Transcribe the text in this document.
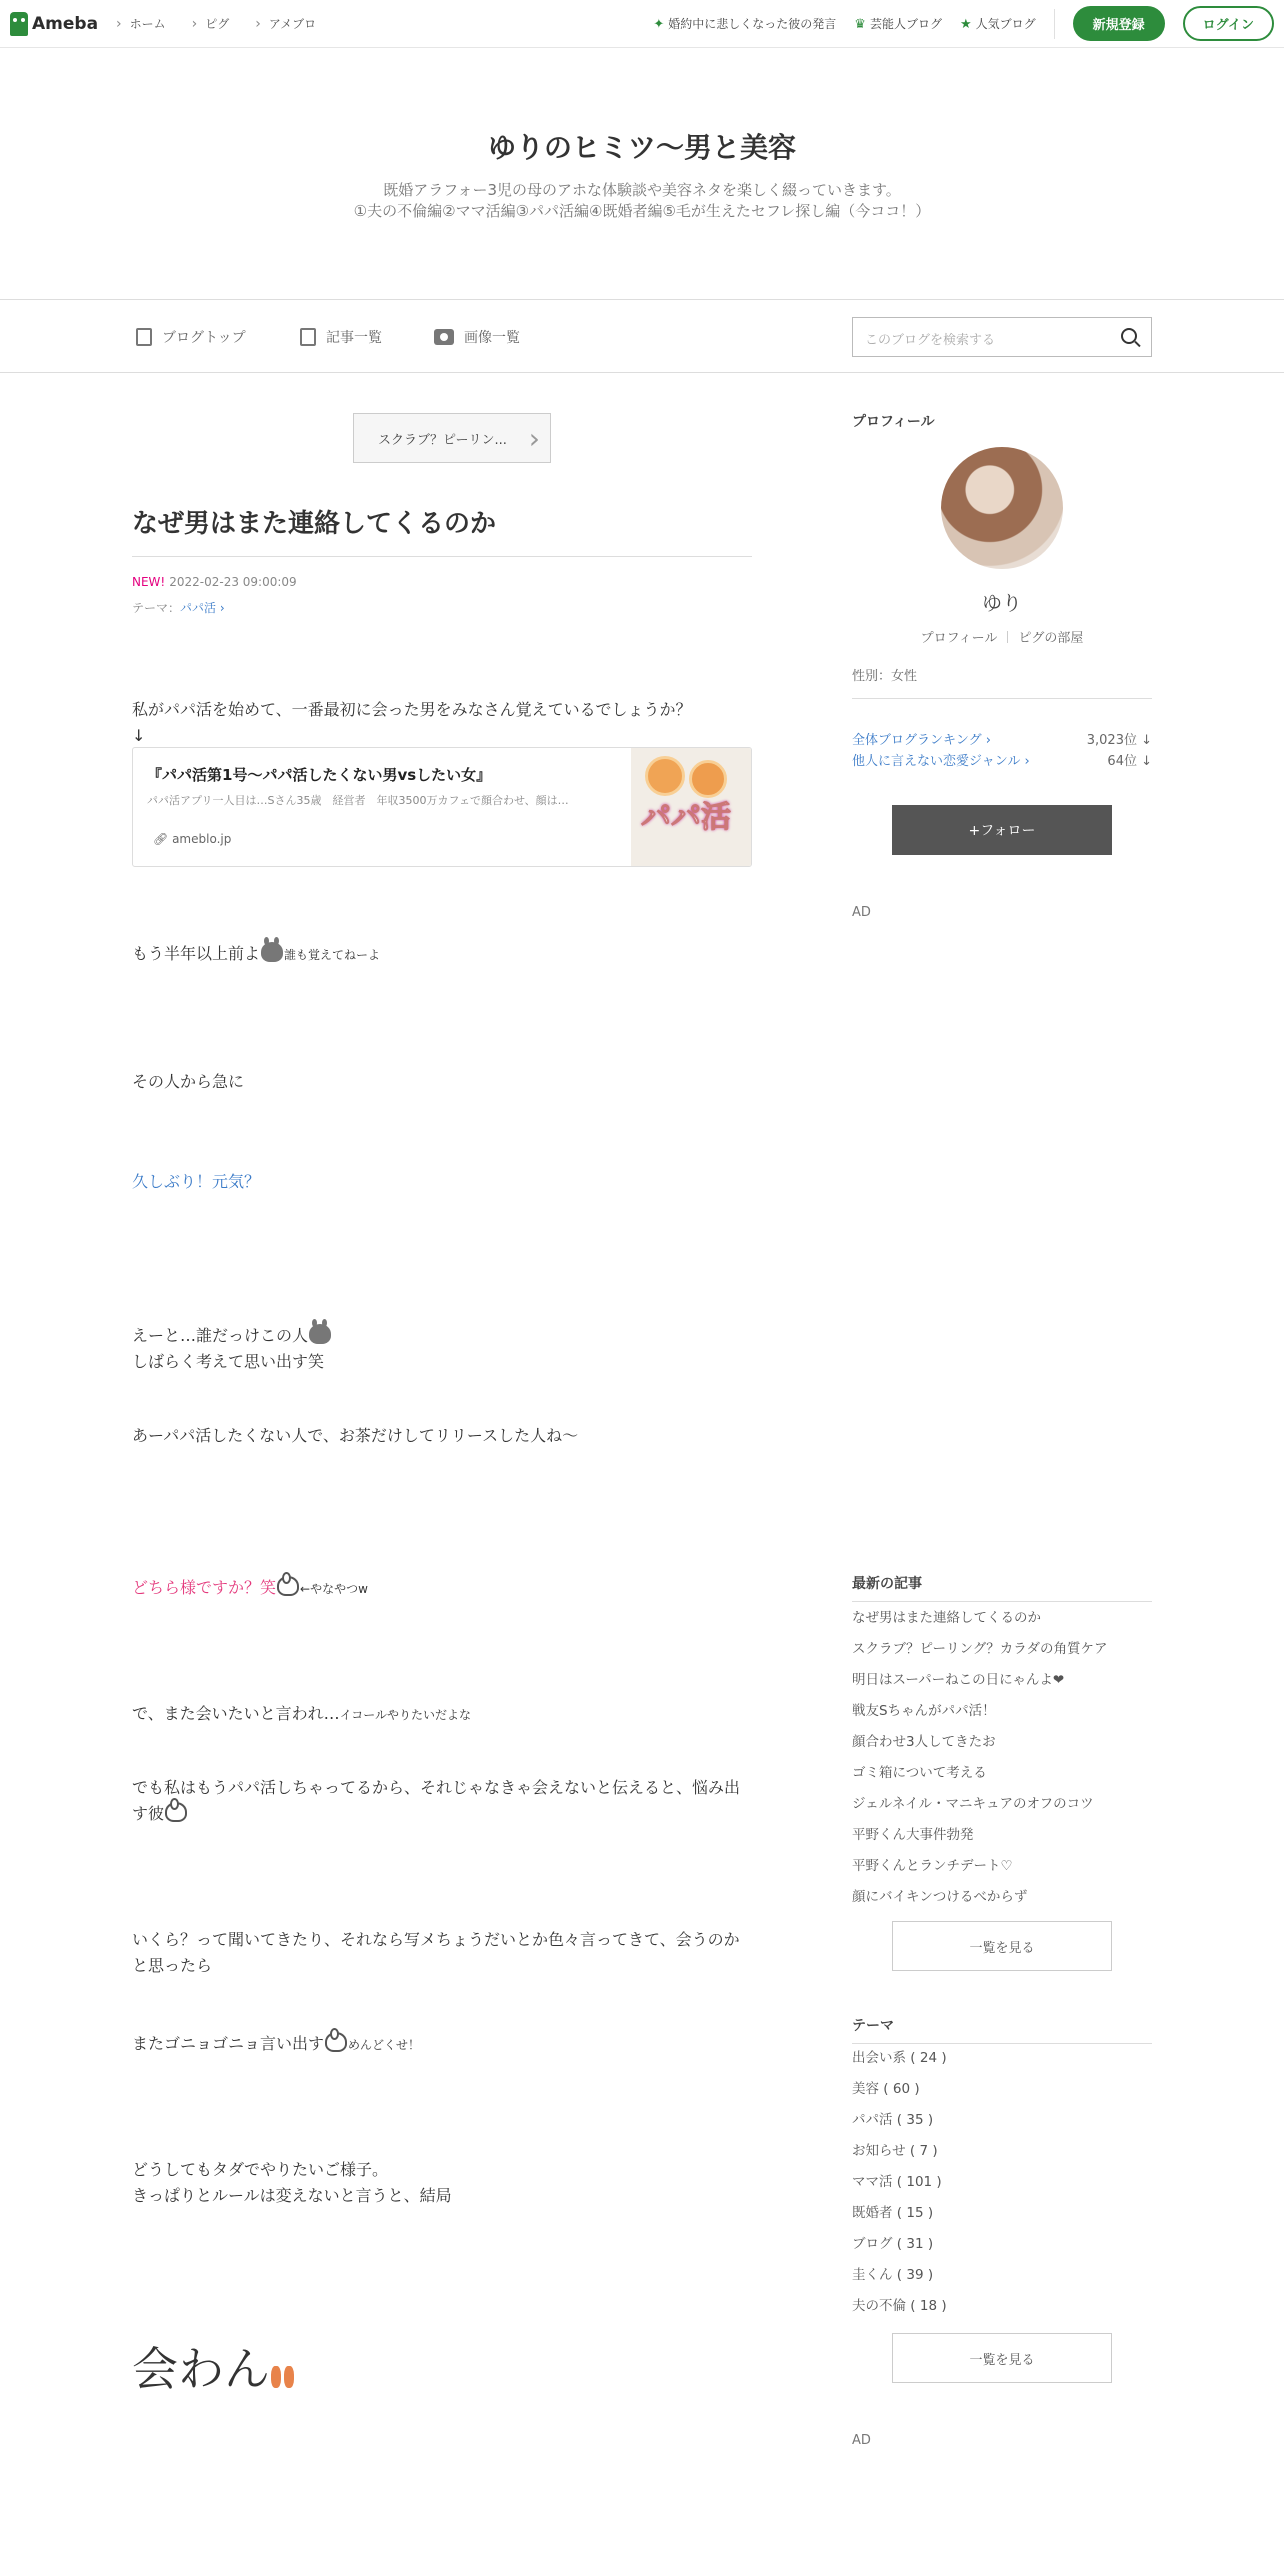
Ameba	› ホーム	› ピグ	› アメブロ	✦ 婚約中に悲しくなった彼の発言 ♛ 芸能人ブログ ★ 人気ブログ	新規登録	ログイン
ゆりのヒミツ〜男と美容
既婚アラフォー3児の母のアホな体験談や美容ネタを楽しく綴っていきます。
①夫の不倫編②ママ活編③パパ活編④既婚者編⑤毛が生えたセフレ探し編（今ココ！）
ブログトップ	記事一覧	画像一覧	このブログを検索する
スクラブ？ピーリン... ›
なぜ男はまた連絡してくるのか
NEW! 2022-02-23 09:00:09
テーマ：パパ活 ›
私がパパ活を始めて、一番最初に会った男をみなさん覚えているでしょうか？
↓
『パパ活第1号〜パパ活したくない男vsしたい女』
パパ活アプリ一人目は…Sさん35歳　経営者　年収3500万カフェで顔合わせ、顔は…
🔗︎ ameblo.jp
パパ活
もう半年以上前よ 誰も覚えてねーよ
その人から急に
久しぶり！元気？
えーと…誰だっけこの人
しばらく考えて思い出す笑
あーパパ活したくない人で、お茶だけしてリリースした人ね〜
どちら様ですか？笑 ←やなやつw
で、また会いたいと言われ…イコールやりたいだよな
でも私はもうパパ活しちゃってるから、それじゃなきゃ会えないと伝えると、悩み出
す彼
いくら？って聞いてきたり、それなら写メちょうだいとか色々言ってきて、会うのか
と思ったら
またゴニョゴニョ言い出す めんどくせ！
どうしてもタダでやりたいご様子。
きっぱりとルールは変えないと言うと、結局
会わん
プロフィール
ゆり
プロフィール ピグの部屋
性別：女性
全体ブログランキング ›	3,023位 ↓
他人に言えない恋愛ジャンル ›	64位 ↓
+フォロー
AD
最新の記事
なぜ男はまた連絡してくるのか
スクラブ？ピーリング？カラダの角質ケア
明日はスーパーねこの日にゃんよ❤
戦友Sちゃんがパパ活！
顔合わせ3人してきたお
ゴミ箱について考える
ジェルネイル・マニキュアのオフのコツ
平野くん大事件勃発
平野くんとランチデート♡
顔にバイキンつけるべからず
一覧を見る
テーマ
出会い系 ( 24 )
美容 ( 60 )
パパ活 ( 35 )
お知らせ ( 7 )
ママ活 ( 101 )
既婚者 ( 15 )
ブログ ( 31 )
圭くん ( 39 )
夫の不倫 ( 18 )
一覧を見る
AD
